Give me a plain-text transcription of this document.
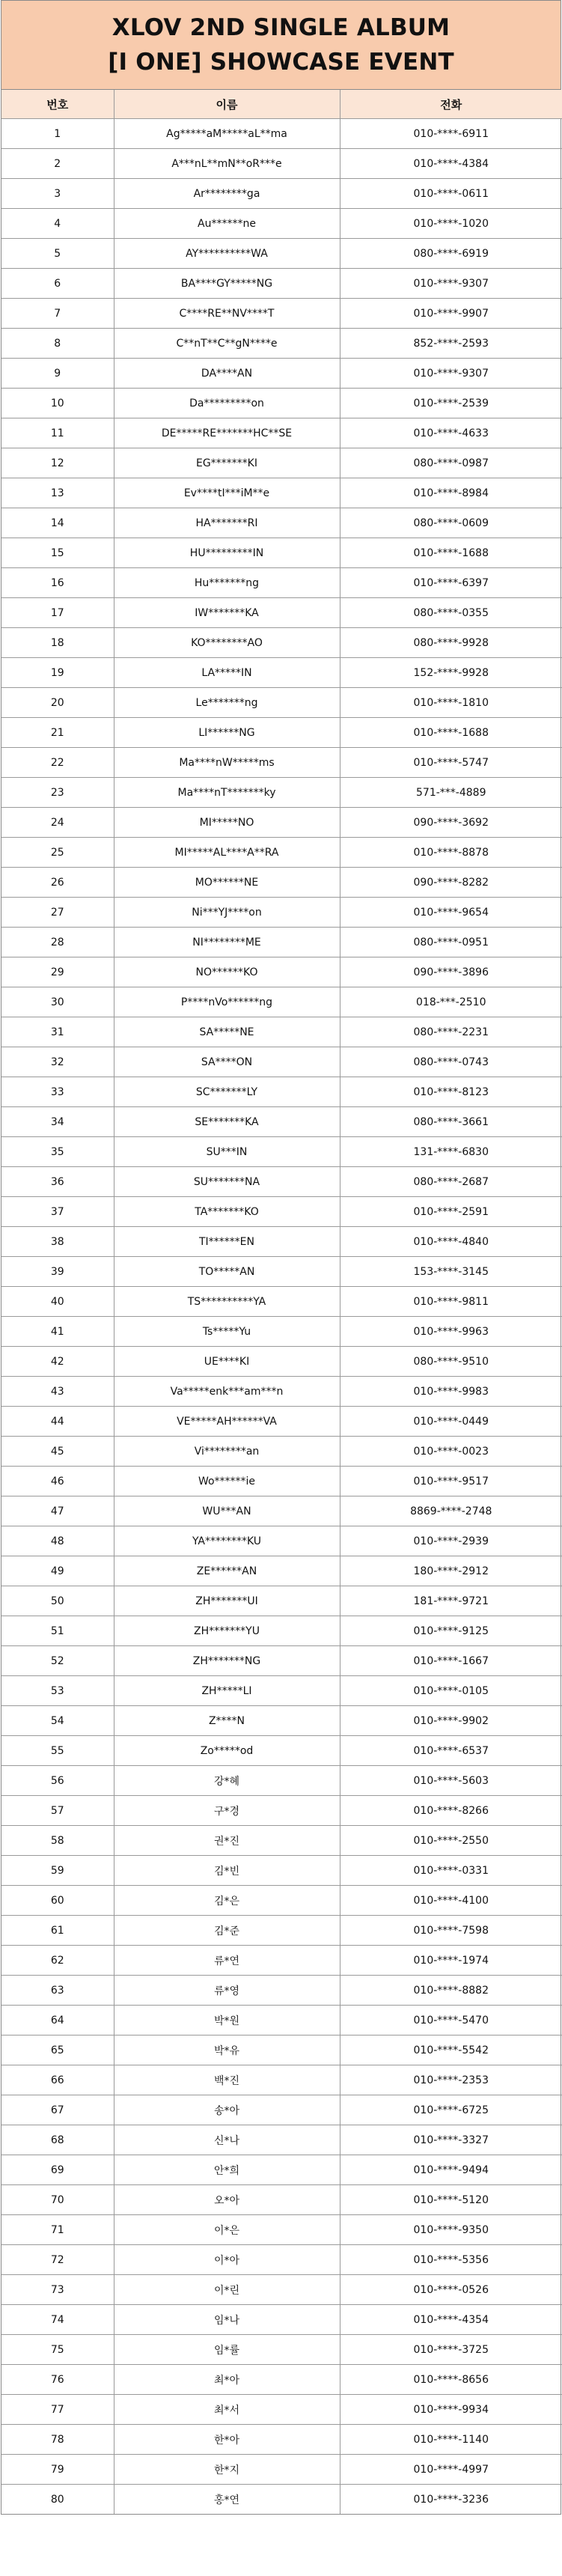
XLOV 2ND SINGLE ALBUM
[I ONE] SHOWCASE EVENT
번호	이름	전화
1	Ag*****aM*****aL**ma	010-****-6911
2	A***nL**mN**oR***e	010-****-4384
3	Ar********ga	010-****-0611
4	Au******ne	010-****-1020
5	AY**********WA	080-****-6919
6	BA****GY*****NG	010-****-9307
7	C****RE**NV****T	010-****-9907
8	C**nT**C**gN****e	852-****-2593
9	DA****AN	010-****-9307
10	Da*********on	010-****-2539
11	DE*****RE*******HC**SE	010-****-4633
12	EG*******KI	080-****-0987
13	Ev****tI***iM**e	010-****-8984
14	HA*******RI	080-****-0609
15	HU*********IN	010-****-1688
16	Hu*******ng	010-****-6397
17	IW*******KA	080-****-0355
18	KO********AO	080-****-9928
19	LA*****IN	152-****-9928
20	Le*******ng	010-****-1810
21	LI******NG	010-****-1688
22	Ma****nW*****ms	010-****-5747
23	Ma****nT*******ky	571-***-4889
24	MI*****NO	090-****-3692
25	MI*****AL****A**RA	010-****-8878
26	MO******NE	090-****-8282
27	Ni***YJ****on	010-****-9654
28	NI********ME	080-****-0951
29	NO******KO	090-****-3896
30	P****nVo******ng	018-***-2510
31	SA*****NE	080-****-2231
32	SA****ON	080-****-0743
33	SC*******LY	010-****-8123
34	SE*******KA	080-****-3661
35	SU***IN	131-****-6830
36	SU*******NA	080-****-2687
37	TA*******KO	010-****-2591
38	TI******EN	010-****-4840
39	TO*****AN	153-****-3145
40	TS**********YA	010-****-9811
41	Ts*****Yu	010-****-9963
42	UE****KI	080-****-9510
43	Va*****enk***am***n	010-****-9983
44	VE*****AH******VA	010-****-0449
45	Vi********an	010-****-0023
46	Wo******ie	010-****-9517
47	WU***AN	8869-****-2748
48	YA********KU	010-****-2939
49	ZE******AN	180-****-2912
50	ZH*******UI	181-****-9721
51	ZH*******YU	010-****-9125
52	ZH*******NG	010-****-1667
53	ZH*****LI	010-****-0105
54	Z****N	010-****-9902
55	Zo*****od	010-****-6537
56	강*혜	010-****-5603
57	구*경	010-****-8266
58	권*진	010-****-2550
59	김*빈	010-****-0331
60	김*은	010-****-4100
61	김*준	010-****-7598
62	류*연	010-****-1974
63	류*영	010-****-8882
64	박*원	010-****-5470
65	박*유	010-****-5542
66	백*진	010-****-2353
67	송*아	010-****-6725
68	신*나	010-****-3327
69	안*희	010-****-9494
70	오*아	010-****-5120
71	이*은	010-****-9350
72	이*아	010-****-5356
73	이*린	010-****-0526
74	임*나	010-****-4354
75	임*률	010-****-3725
76	최*아	010-****-8656
77	최*서	010-****-9934
78	한*아	010-****-1140
79	한*지	010-****-4997
80	홍*연	010-****-3236
